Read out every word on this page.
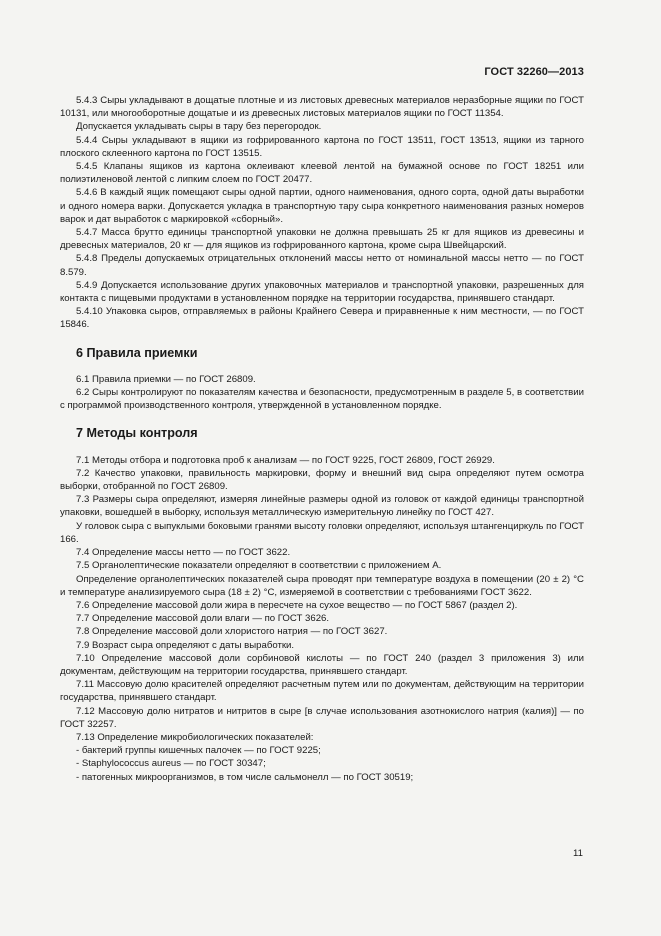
ГОСТ 32260—2013

5.4.3 Сыры укладывают в дощатые плотные и из листовых древесных материалов неразборные ящики по ГОСТ 10131, или многооборотные дощатые и из древесных листовых материалов ящики по ГОСТ 11354.

Допускается укладывать сыры в тару без перегородок.

5.4.4 Сыры укладывают в ящики из гофрированного картона по ГОСТ 13511, ГОСТ 13513, ящики из тарного плоского склеенного картона по ГОСТ 13515.

5.4.5 Клапаны ящиков из картона оклеивают клеевой лентой на бумажной основе по ГОСТ 18251 или полиэтиленовой лентой с липким слоем по ГОСТ 20477.

5.4.6 В каждый ящик помещают сыры одной партии, одного наименования, одного сорта, одной даты выработки и одного номера варки. Допускается укладка в транспортную тару сыра конкретного наименования разных номеров варок и дат выработок с маркировкой «сборный».

5.4.7 Масса брутто единицы транспортной упаковки не должна превышать 25 кг для ящиков из древесины и древесных материалов, 20 кг — для ящиков из гофрированного картона, кроме сыра Швейцарский.

5.4.8 Пределы допускаемых отрицательных отклонений массы нетто от номинальной массы нетто — по ГОСТ 8.579.

5.4.9 Допускается использование других упаковочных материалов и транспортной упаковки, разрешенных для контакта с пищевыми продуктами в установленном порядке на территории государства, принявшего стандарт.

5.4.10 Упаковка сыров, отправляемых в районы Крайнего Севера и приравненные к ним местности, — по ГОСТ 15846.

6 Правила приемки

6.1 Правила приемки — по ГОСТ 26809.

6.2 Сыры контролируют по показателям качества и безопасности, предусмотренным в разделе 5, в соответствии с программой производственного контроля, утвержденной в установленном порядке.

7 Методы контроля

7.1 Методы отбора и подготовка проб к анализам — по ГОСТ 9225, ГОСТ 26809, ГОСТ 26929.

7.2 Качество упаковки, правильность маркировки, форму и внешний вид сыра определяют путем осмотра выборки, отобранной по ГОСТ 26809.

7.3 Размеры сыра определяют, измеряя линейные размеры одной из головок от каждой единицы транспортной упаковки, вошедшей в выборку, используя металлическую измерительную линейку по ГОСТ 427.

У головок сыра с выпуклыми боковыми гранями высоту головки определяют, используя штангенциркуль по ГОСТ 166.

7.4 Определение массы нетто — по ГОСТ 3622.

7.5 Органолептические показатели определяют в соответствии с приложением А.

Определение органолептических показателей сыра проводят при температуре воздуха в помещении (20 ± 2) °С и температуре анализируемого сыра (18 ± 2) °С, измеряемой в соответствии с требованиями ГОСТ 3622.

7.6 Определение массовой доли жира в пересчете на сухое вещество — по ГОСТ 5867 (раздел 2).

7.7 Определение массовой доли влаги — по ГОСТ 3626.

7.8 Определение массовой доли хлористого натрия — по ГОСТ 3627.

7.9 Возраст сыра определяют с даты выработки.

7.10 Определение массовой доли сорбиновой кислоты — по ГОСТ 240 (раздел 3 приложения 3) или документам, действующим на территории государства, принявшего стандарт.

7.11 Массовую долю красителей определяют расчетным путем или по документам, действующим на территории государства, принявшего стандарт.

7.12 Массовую долю нитратов и нитритов в сыре [в случае использования азотнокислого натрия (калия)] — по ГОСТ 32257.

7.13 Определение микробиологических показателей:

- бактерий группы кишечных палочек — по ГОСТ 9225;
- Staphylococcus aureus — по ГОСТ 30347;
- патогенных микроорганизмов, в том числе сальмонелл — по ГОСТ 30519;
11
